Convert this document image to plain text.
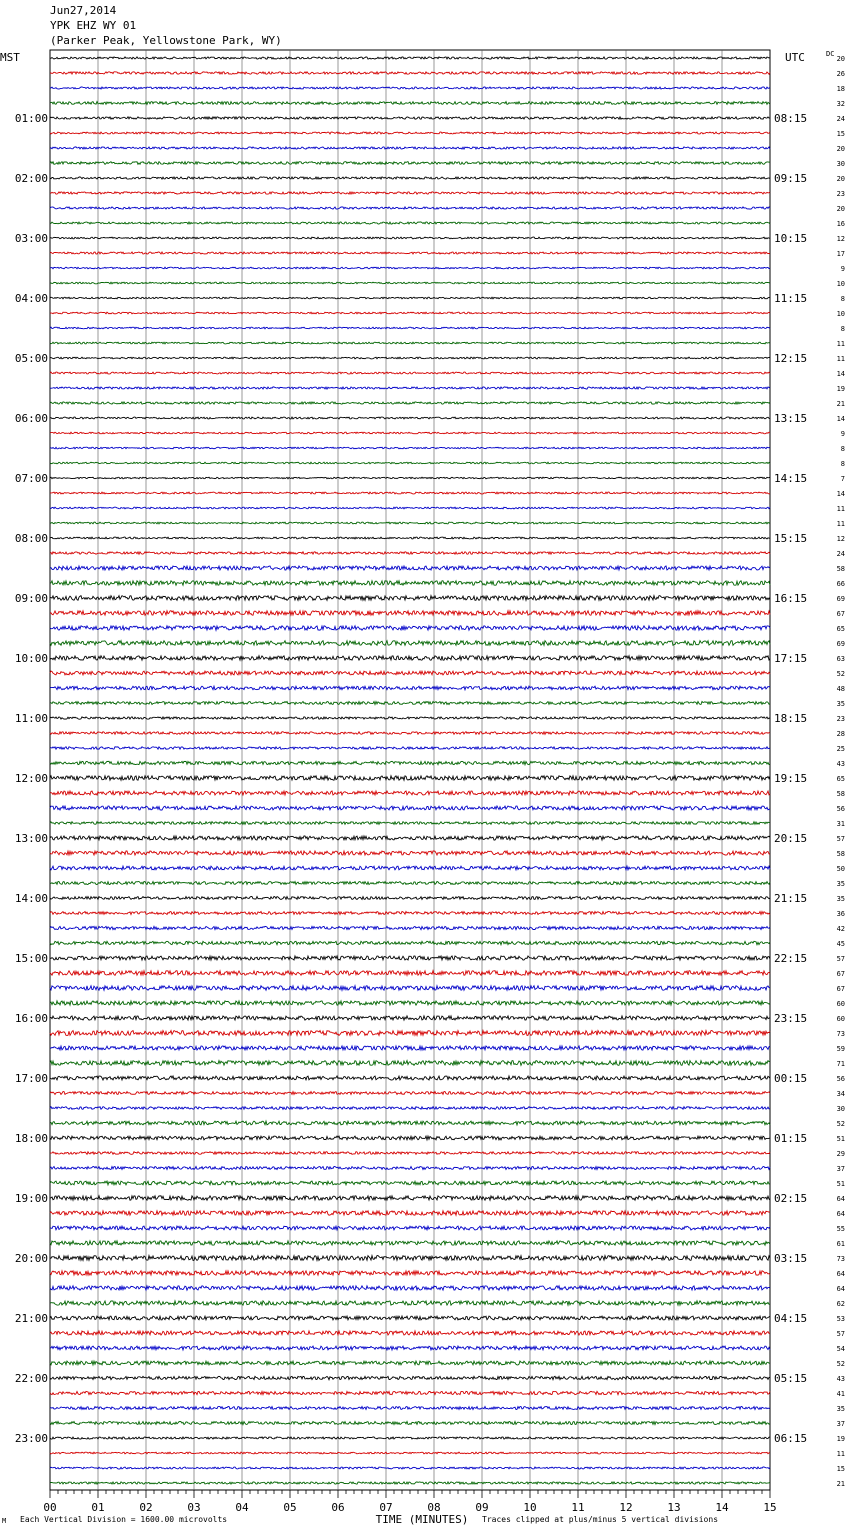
Jun27,2014
YPK EHZ WY 01
(Parker Peak, Yellowstone Park, WY)
MST	UTC	DC
01:00
02:00
03:00
04:00
05:00
06:00
07:00
08:00
09:00
10:00
11:00
12:00
13:00
14:00
15:00
16:00
17:00
18:00
19:00
20:00
21:00
22:00
23:00
08:15
09:15
10:15
11:15
12:15
13:15
14:15
15:15
16:15
17:15
18:15
19:15
20:15
21:15
22:15
23:15
00:15
01:15
02:15
03:15
04:15
05:15
06:15
20
26
18
32
24
15
20
30
20
23
20
16
12
17
9
10
8
10
8
11
11
14
19
21
14
9
8
8
7
14
11
11
12
24
58
66
69
67
65
69
63
52
48
35
23
28
25
43
65
58
56
31
57
58
50
35
35
36
42
45
57
67
67
60
60
73
59
71
56
34
30
52
51
29
37
51
64
64
55
61
73
64
64
62
53
57
54
52
43
41
35
37
19
11
15
21
00	01	02	03	04	05	06	07	08	09	10	11	12	13	14	15
TIME (MINUTES)
M Each Vertical Division = 1600.00 microvolts	Traces clipped at plus/minus 5 vertical divisions
